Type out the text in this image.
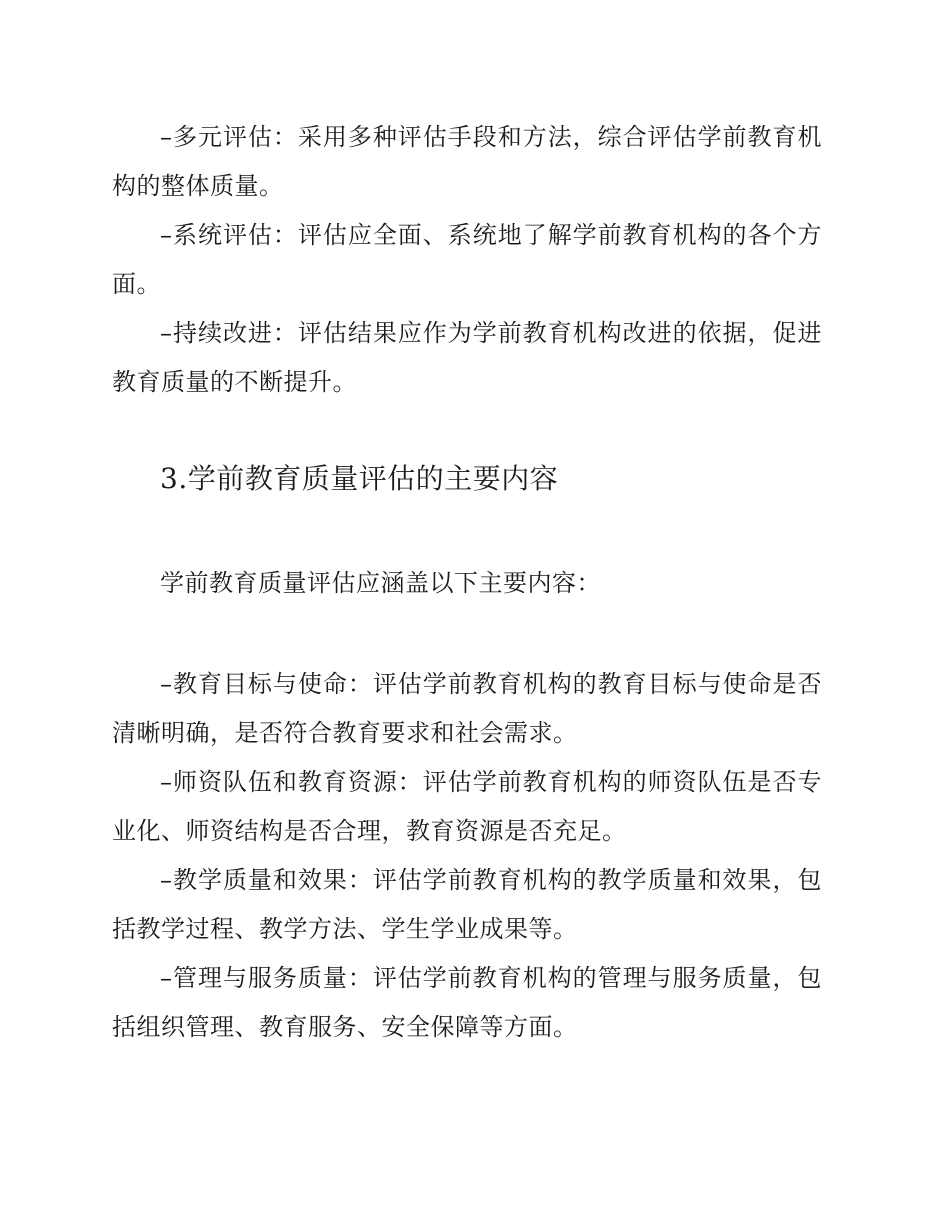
–多元评估：采用多种评估手段和方法，综合评估学前教育机构的整体质量。

–系统评估：评估应全面、系统地了解学前教育机构的各个方面。

–持续改进：评估结果应作为学前教育机构改进的依据，促进教育质量的不断提升。

3.学前教育质量评估的主要内容

学前教育质量评估应涵盖以下主要内容：

–教育目标与使命：评估学前教育机构的教育目标与使命是否清晰明确，是否符合教育要求和社会需求。

–师资队伍和教育资源：评估学前教育机构的师资队伍是否专业化、师资结构是否合理，教育资源是否充足。

–教学质量和效果：评估学前教育机构的教学质量和效果，包括教学过程、教学方法、学生学业成果等。

–管理与服务质量：评估学前教育机构的管理与服务质量，包括组织管理、教育服务、安全保障等方面。
